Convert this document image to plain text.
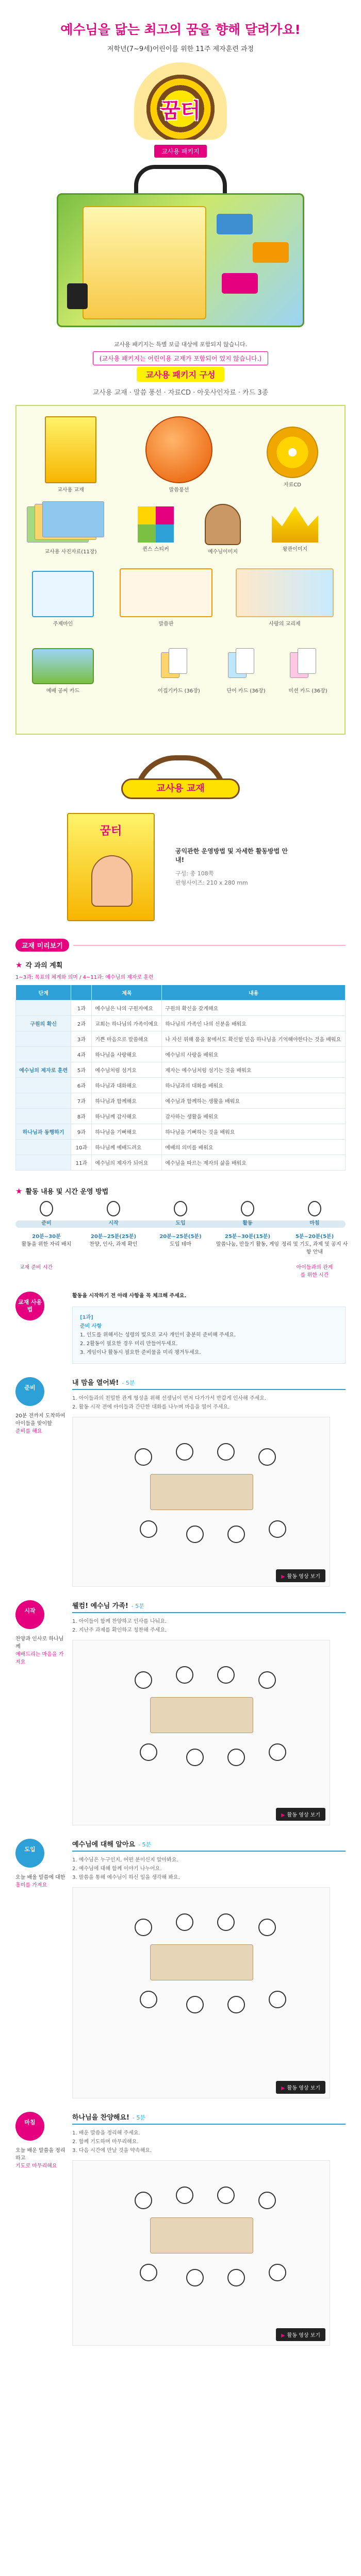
예수님을 닮는 최고의 꿈을 향해 달려가요!
저학년(7~9세)어린이를 위한 11주 제자훈련 과정
꿈터
교사용 패키지
교사용 패키지는 특별 보급 대상에 포함되지 않습니다.
(교사용 패키지는 어린이용 교재가 포함되어 있지 않습니다.)
교사용 패키지 구성
교사용 교재 · 말씀 풍선 · 자료CD · 아웃사인자료 · 카드 3종
교사용 교재	말씀풍선
자료CD
교사용 사진자료(11장)	퀸스 스티커	예수님이미지	왕관이미지
주제마인	말씀판	사랑의 교리제
예배 공씨 카드	이집기카드 (36장)	단어 카드 (36장)	미션 카드 (36장)
교사용 교재
꿈터
공익관한 운영방법 및 자세한 활동방법 안내!
구성: 총 108쪽
판형사이즈: 210 x 280 mm
교재 미리보기
★ 각 과의 계획
1~3과: 목표의 체계와 의미 / 4~11과: 예수님의 제자로 훈련
단계		제목	내용
	1과	예수님은 나의 구원자예요	구원의 확신을 갖게해요
구원의 확신	2과	교회는 하나님의 가족이예요	하나님의 가족인 나의 신분을 배워요
	3과	기쁜 마음으로 말씀해요	나 자신 위해 품을 꿈에서도 확신할 믿음 하나님을 기억해야한다는 것을 배워요
	4과	하나님을 사랑해요	예수님의 사랑을 배워요
예수님의 제자로 훈련	5과	예수님처럼 섬겨요	제자는 예수님처럼 섬기는 것을 배워요
	6과	하나님과 대화해요	하나님과의 대화를 배워요
	7과	하나님과 함께해요	예수님과 함께하는 생활을 배워요
	8과	하나님께 감사해요	감사하는 생활을 배워요
하나님과 동행하기	9과	하나님을 기뻐해요	하나님을 기뻐하는 것을 배워요
	10과	하나님께 예배드려요	예배의 의미를 배워요
	11과	예수님의 제자가 되어요	예수님을 따르는 제자의 삶을 배워요
★ 활동 내용 및 시간 운영 방법
준비
20분~30분
활동을 위한 자리 배치
시작
20분~25분(25분)
찬양, 인사, 과제 확인
도입
20분~25분(5분)
도입 테마
활동
25분~30분(15분)
말씀나눔, 만들기 활동, 게임
마침
5분~20분(5분)
정리 및 기도, 과제 및 공지 사항 안내
교재 준비 시간	아이들과의 관계를 위한 시간
교재 사용법
활동을 시작하기 전 아래 사항을 꼭 체크해 주세요.
[1과]
준비 사항
1. 인도를 위해서는 성령의 빛으로 교사 개인이 충분히 준비해 주세요.
2. 2활동이 필요한 경우 미리 만들어두세요.
3. 게임이나 활동시 필요한 준비물을 미리 챙겨두세요.
준비
20분 전까지 도착하여 아이들을 맞이할
준비를 해요
내 맘을 열어봐! - 5분
1. 아이들과의 친밀한 관계 형성을 위해 선생님이 먼저 다가가서 반갑게 인사해 주세요.
2. 활동 시작 전에 아이들과 간단한 대화를 나누며 마음을 열어 주세요.
▶ 활동 영상 보기
시작
찬양과 인사로 하나님께
예배드리는 마음을 가져요
웰컴! 예수님 가족! - 5분
1. 아이들이 함께 찬양하고 인사를 나눠요.
2. 지난주 과제를 확인하고 칭찬해 주세요.
▶ 활동 영상 보기
도입
오늘 배울 말씀에 대한
흥미를 가져요
예수님에 대해 알아요 - 5분
1. 예수님은 누구인지, 어떤 분이신지 알아봐요.
2. 예수님에 대해 함께 이야기 나누어요.
3. 말씀을 통해 예수님이 하신 일을 생각해 봐요.
▶ 활동 영상 보기
마침
오늘 배운 말씀을 정리하고
기도로 마무리해요
하나님을 찬양해요! - 5분
1. 배운 말씀을 정리해 주세요.
2. 함께 기도하며 마무리해요.
3. 다음 시간에 만날 것을 약속해요.
▶ 활동 영상 보기
